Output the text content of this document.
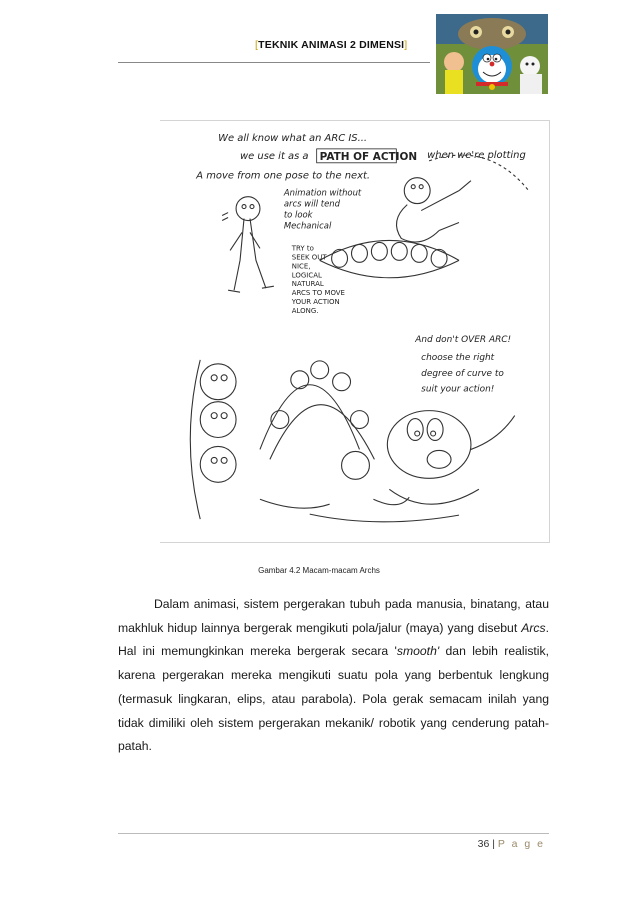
[TEKNIK ANIMASI 2 DIMENSI]
We all know what an ARC IS...
we use it as a PATH OF ACTION when we're plotting
A move from one pose to the next.
Animation without
arcs will tend
to look
Mechanical
TRY to
SEEK OUT
NICE,
LOGICAL
NATURAL
ARCS TO MOVE
YOUR ACTION
ALONG.
And don't OVER ARC!
choose the right
degree of curve to
suit your action!
Gambar 4.2 Macam-macam Archs

Dalam animasi, sistem pergerakan tubuh pada manusia, binatang, atau makhluk hidup lainnya bergerak mengikuti pola/jalur (maya) yang disebut Arcs. Hal ini memungkinkan mereka bergerak secara 'smooth' dan lebih realistik, karena pergerakan mereka mengikuti suatu pola yang berbentuk lengkung (termasuk lingkaran, elips, atau parabola). Pola gerak semacam inilah yang tidak dimiliki oleh sistem pergerakan mekanik/ robotik yang cenderung patah-patah.

36 | P a g e
